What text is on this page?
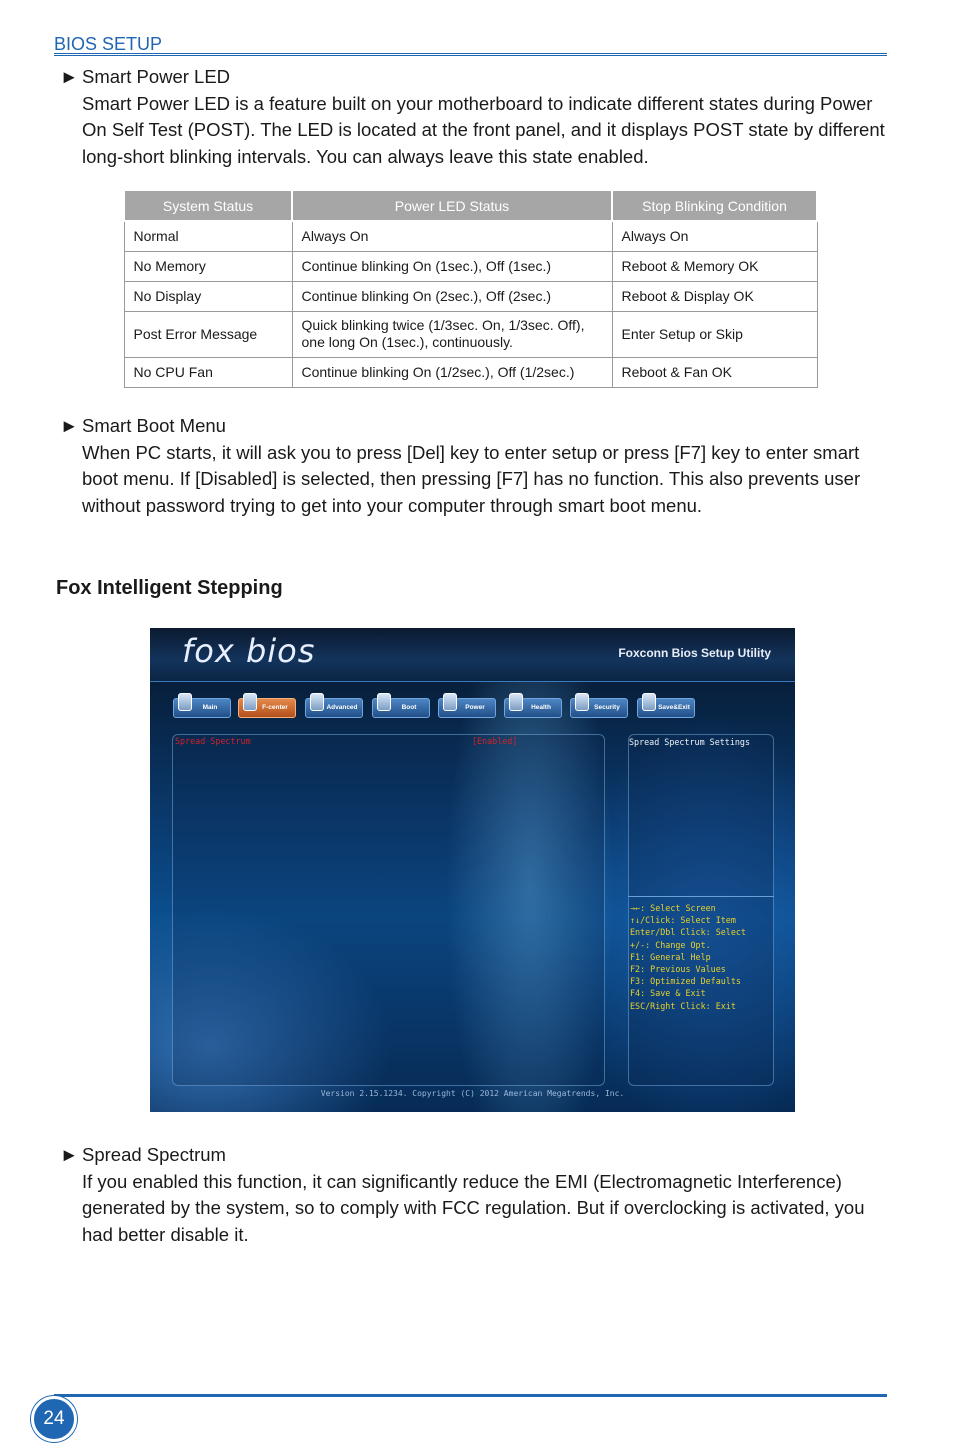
BIOS SETUP
► Smart Power LED
Smart Power LED is a feature built on your motherboard to indicate different states during Power On Self Test (POST). The LED is located at the front panel, and it displays POST state by different long-short blinking intervals. You can always leave this state enabled.
System Status	Power LED Status	Stop Blinking Condition
Normal	Always On	Always On
No Memory	Continue blinking On (1sec.), Off (1sec.)	Reboot & Memory OK
No Display	Continue blinking On (2sec.), Off (2sec.)	Reboot & Display OK
Post Error Message	Quick blinking twice (1/3sec. On, 1/3sec. Off), one long On (1sec.), continuously.	Enter Setup or Skip
No CPU Fan	Continue blinking On (1/2sec.), Off (1/2sec.)	Reboot & Fan OK
► Smart Boot Menu
When PC starts, it will ask you to press [Del] key to enter setup or press [F7] key to enter smart boot menu. If [Disabled] is selected, then pressing [F7] has no function. This also prevents user without password trying to get into your computer through smart boot menu.
Fox Intelligent Stepping
fox bios	Foxconn Bios Setup Utility
Main	F-center	Advanced	Boot	Power	Health	Security	Save&Exit
Spread Spectrum	[Enabled]	Spread Spectrum Settings
→←: Select Screen
↑↓/Click: Select Item
Enter/Dbl Click: Select
+/-: Change Opt.
F1: General Help
F2: Previous Values
F3: Optimized Defaults
F4: Save & Exit
ESC/Right Click: Exit
Version 2.15.1234. Copyright (C) 2012 American Megatrends, Inc.
► Spread Spectrum
If you enabled this function, it can significantly reduce the EMI (Electromagnetic Interference) generated by the system, so to comply with FCC regulation. But if overclocking is activated, you had better disable it.
24
